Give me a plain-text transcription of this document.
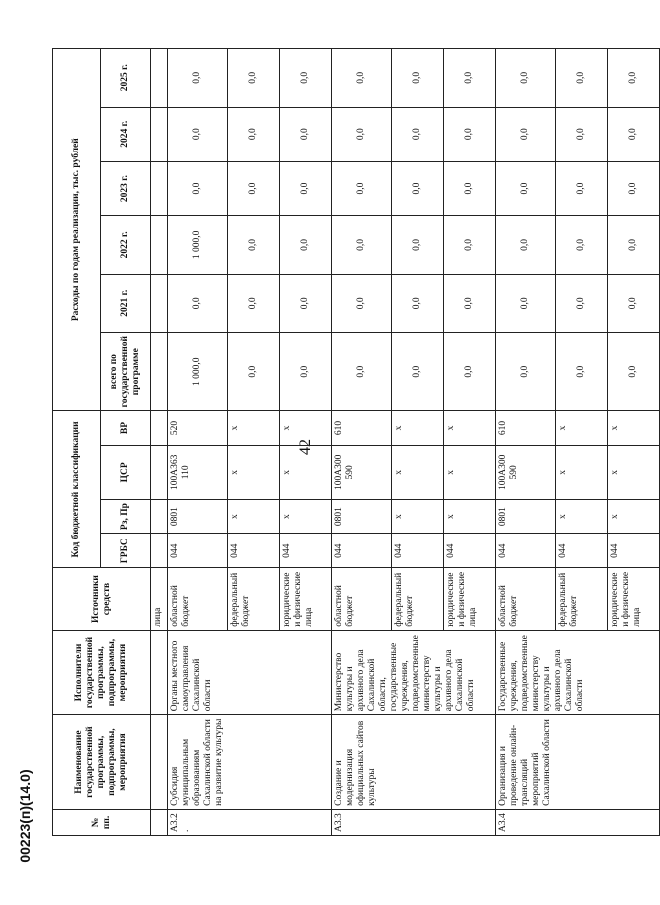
42
00223(п)(14.0)	№ пп.	Наименование государственной программы, подпрограммы, мероприятия	Исполнители государственной программы, подпрограммы, мероприятия	Источники средств	Код бюджетной классификации				Расходы по годам реализации, тыс. рублей					
				ГРБС	Рз, Пр	ЦСР	ВР	всего по государственной программе	2021 г.	2022 г.	2023 г.	2024 г.	2025 г.
			лица										
А3.2.	Субсидия муниципальным образованиям Сахалинской области на развитие культуры	Органы местного самоуправления Сахалинской области	областной бюджет	044	0801	100А363 110	520	1 000,0	0,0	1 000,0	0,0	0,0	0,0
			федеральный бюджет	044	х	х	х	0,0	0,0	0,0	0,0	0,0	0,0
			юридические и физические лица	044	х	х	х	0,0	0,0	0,0	0,0	0,0	0,0
А3.3	Создание и модернизация официальных сайтов культуры	Министерство культуры и архивного дела Сахалинской области, государственные учреждения, подведомственные министерству культуры и архивного дела Сахалинской области	областной бюджет	044	0801	100А300 590	610	0,0	0,0	0,0	0,0	0,0	0,0
			федеральный бюджет	044	х	х	х	0,0	0,0	0,0	0,0	0,0	0,0
			юридические и физические лица	044	х	х	х	0,0	0,0	0,0	0,0	0,0	0,0
А3.4	Организация и проведение онлайн-трансляций мероприятий Сахалинской области	Государственные учреждения, подведомственные министерству культуры и архивного дела Сахалинской области	областной бюджет	044	0801	100А300 590	610	0,0	0,0	0,0	0,0	0,0	0,0
			федеральный бюджет	044	х	х	х	0,0	0,0	0,0	0,0	0,0	0,0
			юридические и физические лица	044	х	х	х	0,0	0,0	0,0	0,0	0,0	0,0
